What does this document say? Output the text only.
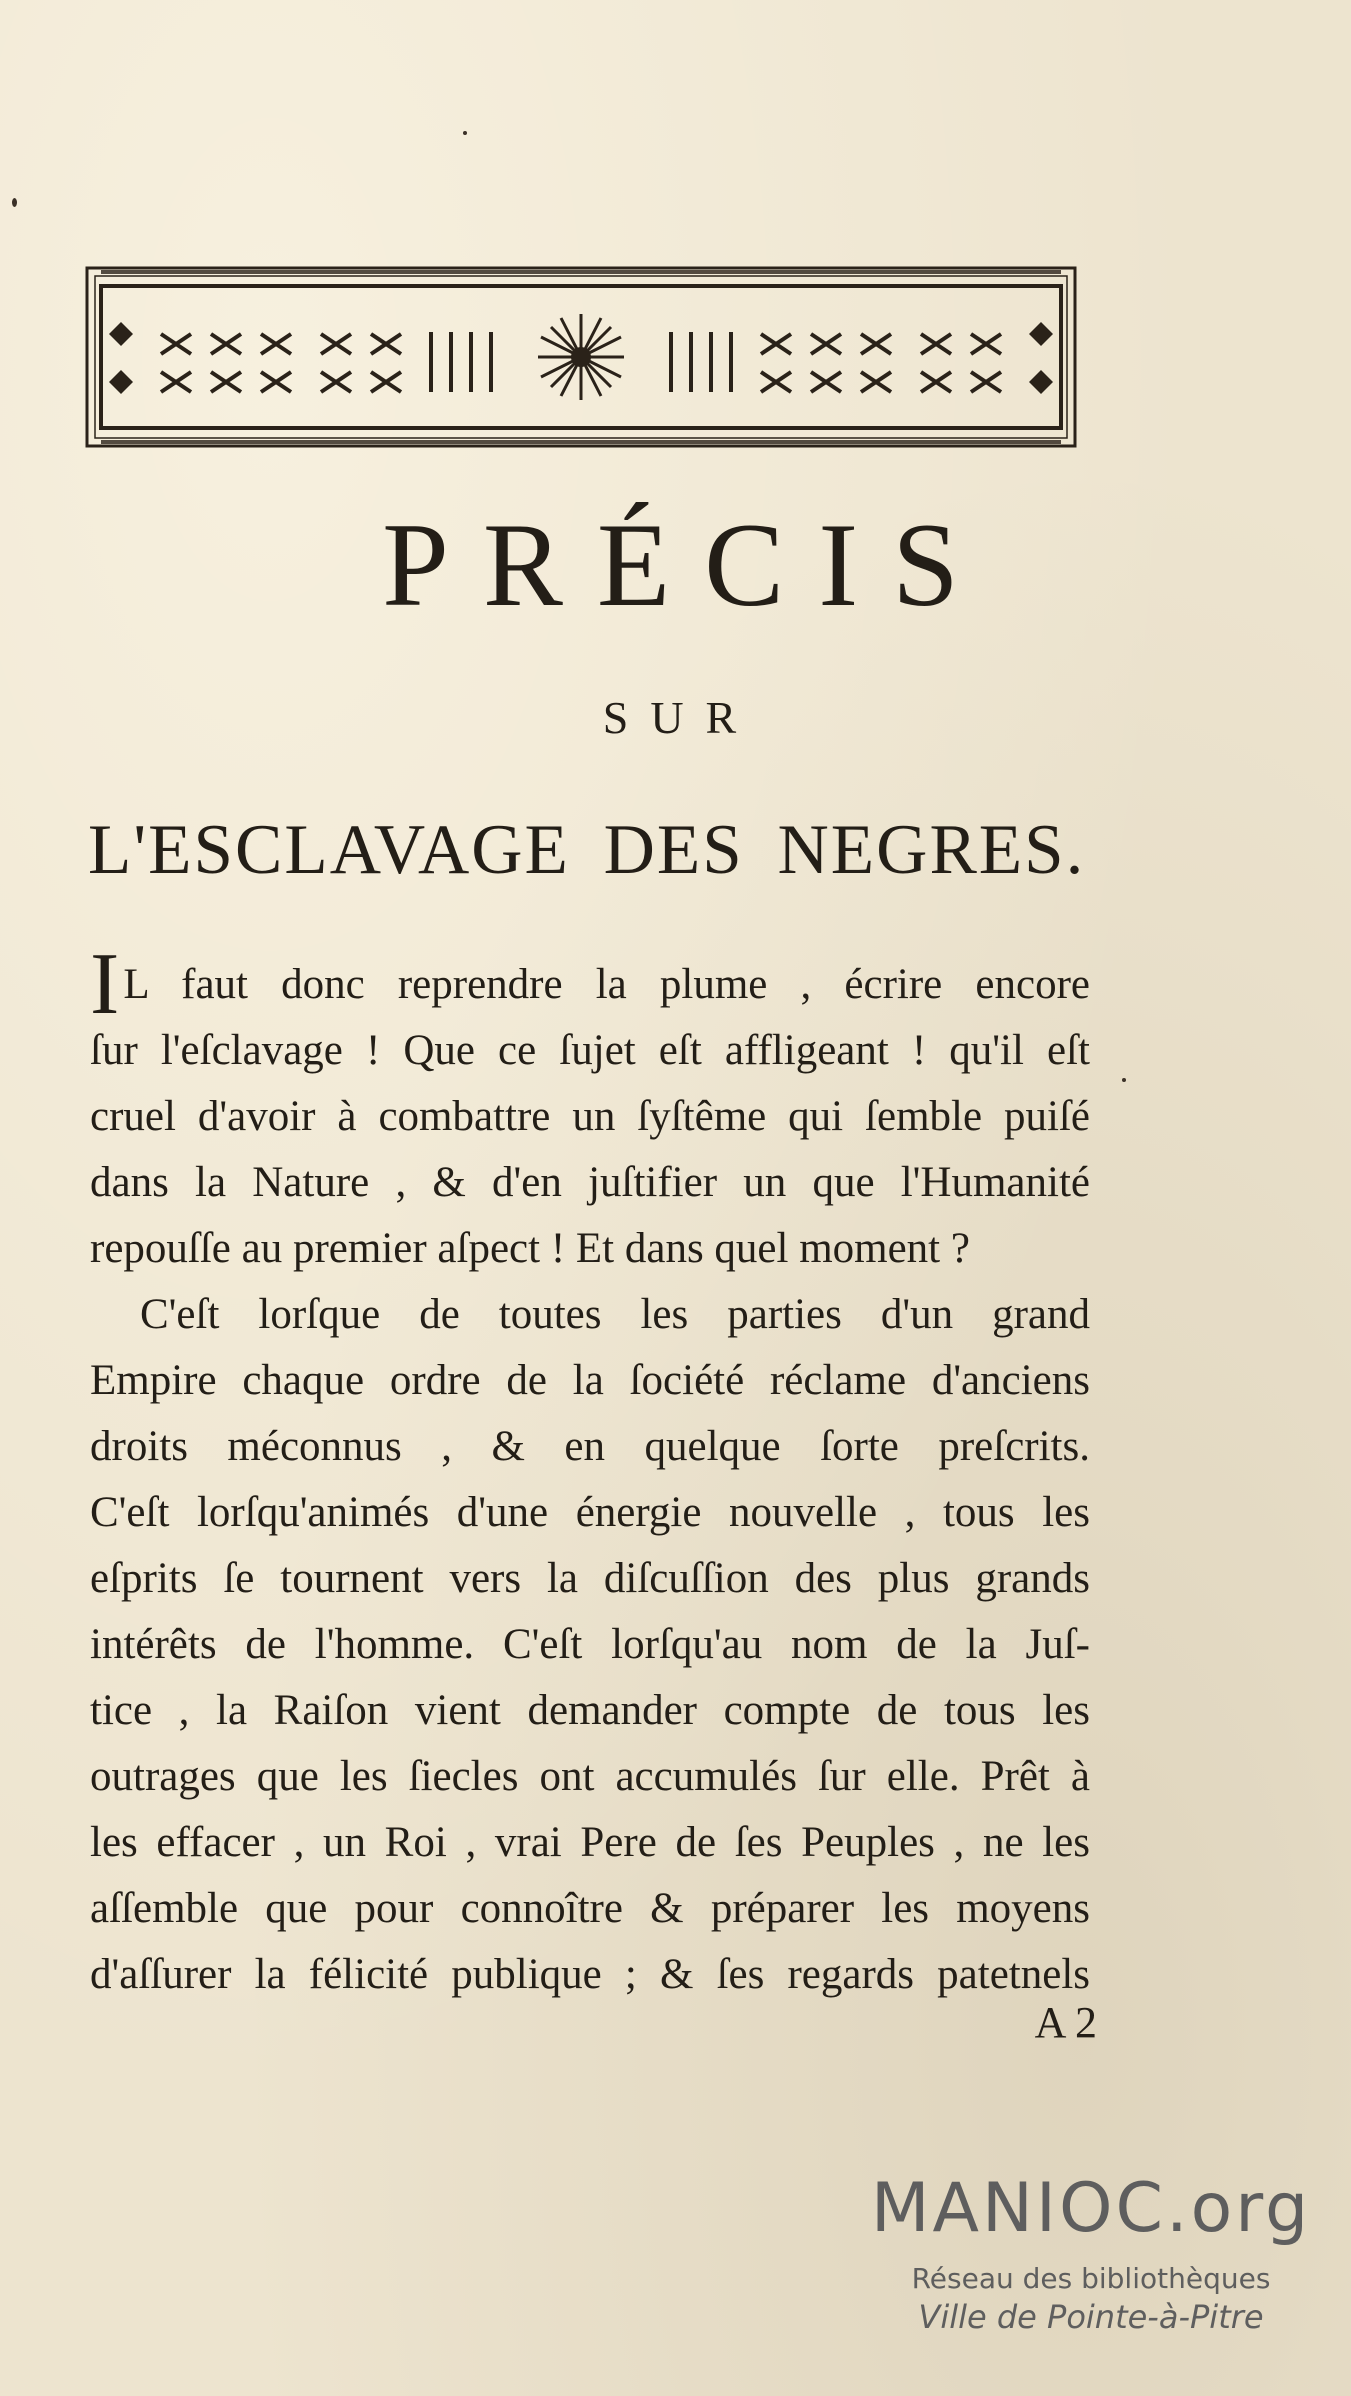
PRÉCIS
SUR
L'ESCLAVAGE DES NEGRES.
IL faut donc reprendre la plume , écrire encore
ſur l'eſclavage ! Que ce ſujet eſt affligeant ! qu'il eſt
cruel d'avoir à combattre un ſyſtême qui ſemble puiſé
dans la Nature , & d'en juſtifier un que l'Humanité
repouſſe au premier aſpect ! Et dans quel moment ?
C'eſt lorſque de toutes les parties d'un grand
Empire chaque ordre de la ſociété réclame d'anciens
droits méconnus , & en quelque ſorte preſcrits.
C'eſt lorſqu'animés d'une énergie nouvelle , tous les
eſprits ſe tournent vers la diſcuſſion des plus grands
intérêts de l'homme. C'eſt lorſqu'au nom de la Juſ-
tice , la Raiſon vient demander compte de tous les
outrages que les ſiecles ont accumulés ſur elle. Prêt à
les effacer , un Roi , vrai Pere de ſes Peuples , ne les
aſſemble que pour connoître & préparer les moyens
d'aſſurer la félicité publique ; & ſes regards patetnels
A 2
MANIOC.org
Réseau des bibliothèques
Ville de Pointe-à-Pitre
